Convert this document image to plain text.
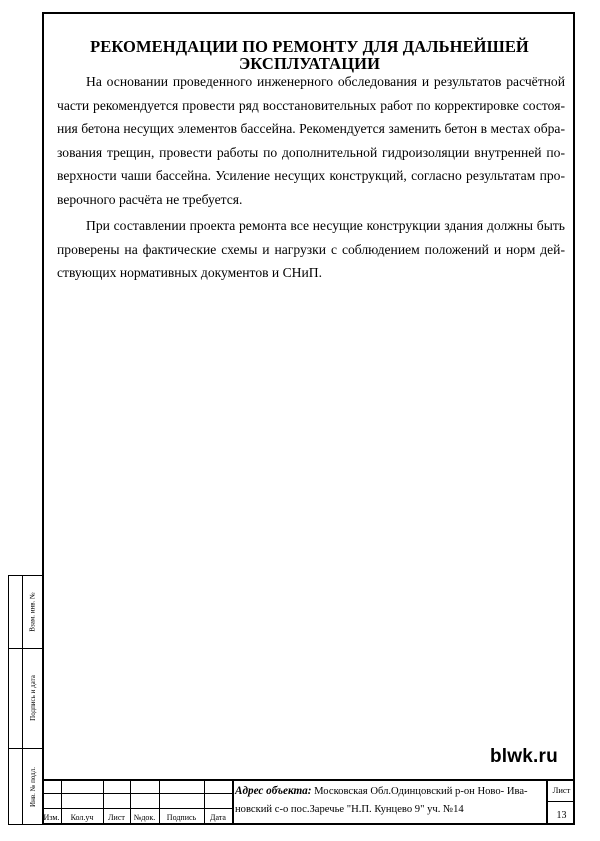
РЕКОМЕНДАЦИИ ПО РЕМОНТУ ДЛЯ ДАЛЬНЕЙШЕЙ
ЭКСПЛУАТАЦИИ
На основании проведенного инженерного обследования и результатов расчётной
части рекомендуется провести ряд восстановительных работ по корректировке состоя-
ния бетона несущих элементов бассейна. Рекомендуется заменить бетон в местах обра-
зования трещин, провести работы по дополнительной гидроизоляции внутренней по-
верхности чаши бассейна. Усиление несущих конструкций, согласно результатам про-
верочного расчёта не требуется.
При составлении проекта ремонта все несущие конструкции здания должны быть
проверены на фактические схемы и нагрузки с соблюдением положений и норм дей-
ствующих нормативных документов и СНиП.
Взам. инв. №
Подпись и дата
Инв. № подл.
blwk.ru
Изм.	Кол.уч	Лист	№док.	Подпись	Дата
Адрес объекта: Московская Обл.Одинцовский р-он Ново- Ива-
новский с-о пос.Заречье "Н.П. Кунцево 9" уч. №14
Лист
13
